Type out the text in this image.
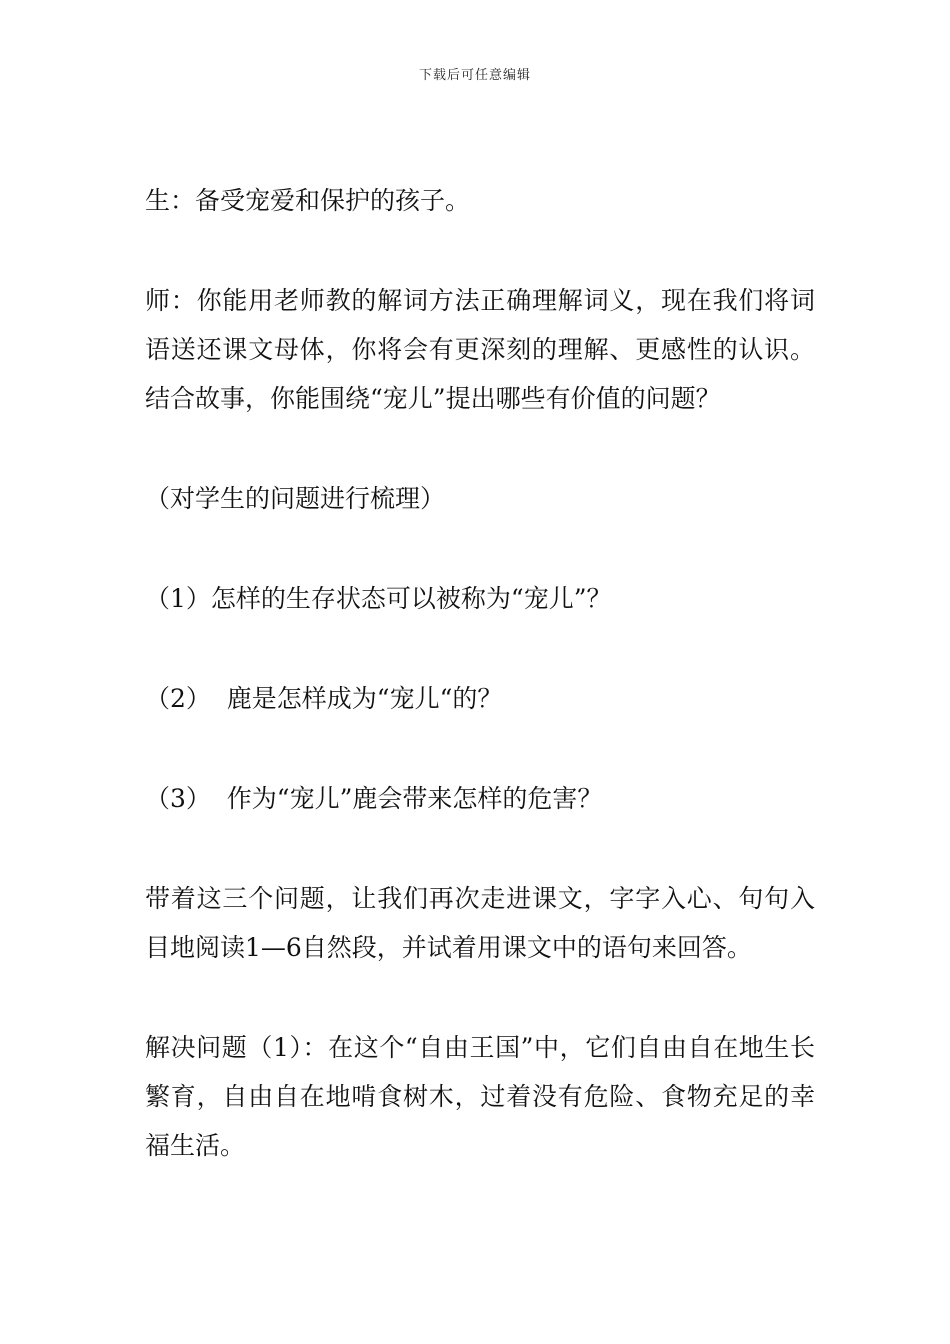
下载后可任意编辑

生：备受宠爱和保护的孩子。

师：你能用老师教的解词方法正确理解词义，现在我们将词语送还课文母体，你将会有更深刻的理解、更感性的认识。结合故事，你能围绕“宠儿”提出哪些有价值的问题？

（对学生的问题进行梳理）

（1）怎样的生存状态可以被称为“宠儿”？

（2）  鹿是怎样成为“宠儿“的？

（3）  作为“宠儿”鹿会带来怎样的危害？

带着这三个问题，让我们再次走进课文，字字入心、句句入目地阅读1—6自然段，并试着用课文中的语句来回答。

解决问题（1）：在这个“自由王国”中，它们自由自在地生长繁育，自由自在地啃食树木，过着没有危险、食物充足的幸福生活。
